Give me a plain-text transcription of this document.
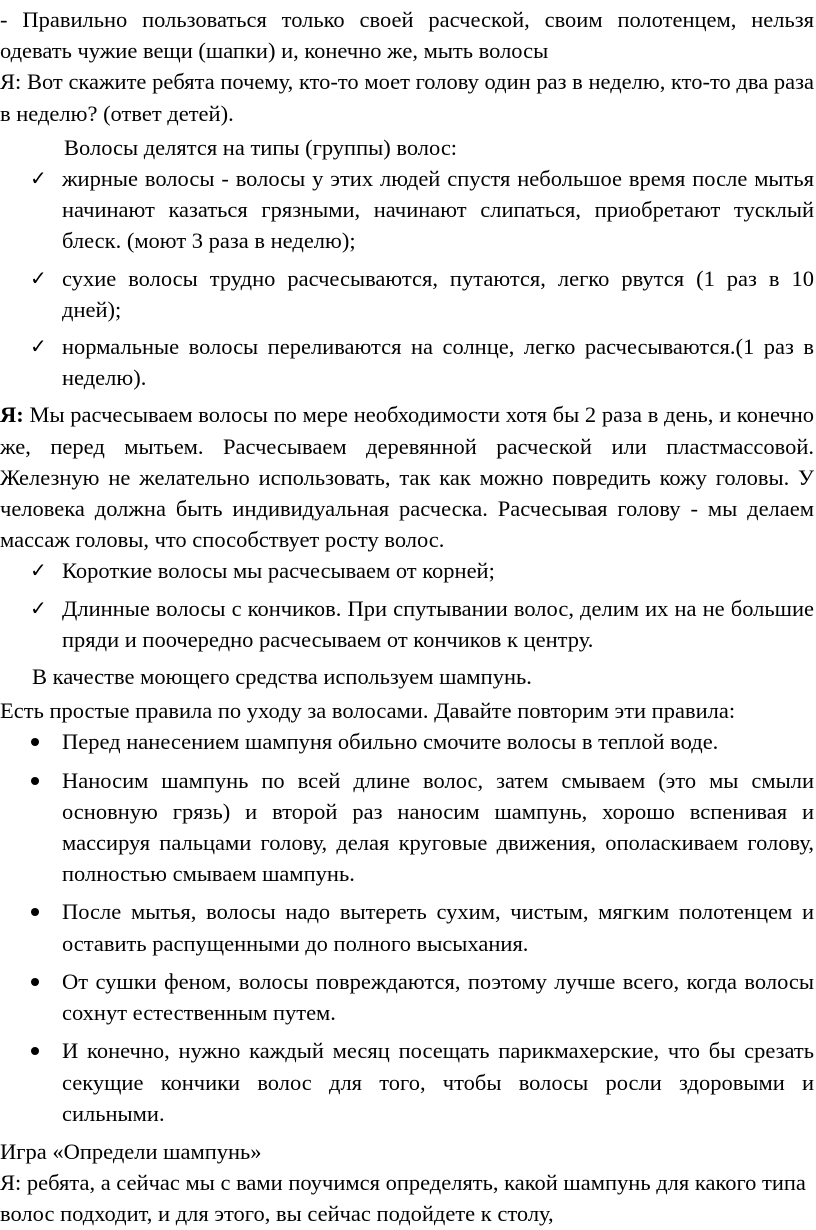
- Правильно пользоваться только своей расческой, своим полотенцем, нельзя одевать чужие вещи (шапки) и, конечно же, мыть волосы

Я: Вот скажите ребята почему, кто-то моет голову один раз в неделю, кто-то два раза в неделю? (ответ детей).

Волосы делятся на типы (группы) волос:

✓ жирные волосы - волосы у этих людей спустя небольшое время после мытья начинают казаться грязными, начинают слипаться, приобретают тусклый блеск. (моют 3 раза в неделю);
✓ сухие волосы трудно расчесываются, путаются, легко рвутся (1 раз в 10 дней);
✓ нормальные волосы переливаются на солнце, легко расчесываются.(1 раз в неделю).

Я: Мы расчесываем волосы по мере необходимости хотя бы 2 раза в день, и конечно же, перед мытьем. Расчесываем деревянной расческой или пластмассовой. Железную не желательно использовать, так как можно повредить кожу головы. У человека должна быть индивидуальная расческа. Расчесывая голову - мы делаем массаж головы, что способствует росту волос.

✓ Короткие волосы мы расчесываем от корней;
✓ Длинные волосы с кончиков. При спутывании волос, делим их на не большие пряди и поочередно расчесываем от кончиков к центру.

В качестве моющего средства используем шампунь.

Есть простые правила по уходу за волосами. Давайте повторим эти правила:

Перед нанесением шампуня обильно смочите волосы в теплой воде.
Наносим шампунь по всей длине волос, затем смываем (это мы смыли основную грязь) и второй раз наносим шампунь, хорошо вспенивая и массируя пальцами голову, делая круговые движения, ополаскиваем голову, полностью смываем шампунь.
После мытья, волосы надо вытереть сухим, чистым, мягким полотенцем и оставить распущенными до полного высыхания.
От сушки феном, волосы повреждаются, поэтому лучше всего, когда волосы сохнут естественным путем.
И конечно, нужно каждый месяц посещать парикмахерские, что бы срезать секущие кончики волос для того, чтобы волосы росли здоровыми и сильными.

Игра «Определи шампунь»

Я: ребята, а сейчас мы с вами поучимся определять, какой шампунь для какого типа волос подходит, и для этого, вы сейчас подойдете к столу,
